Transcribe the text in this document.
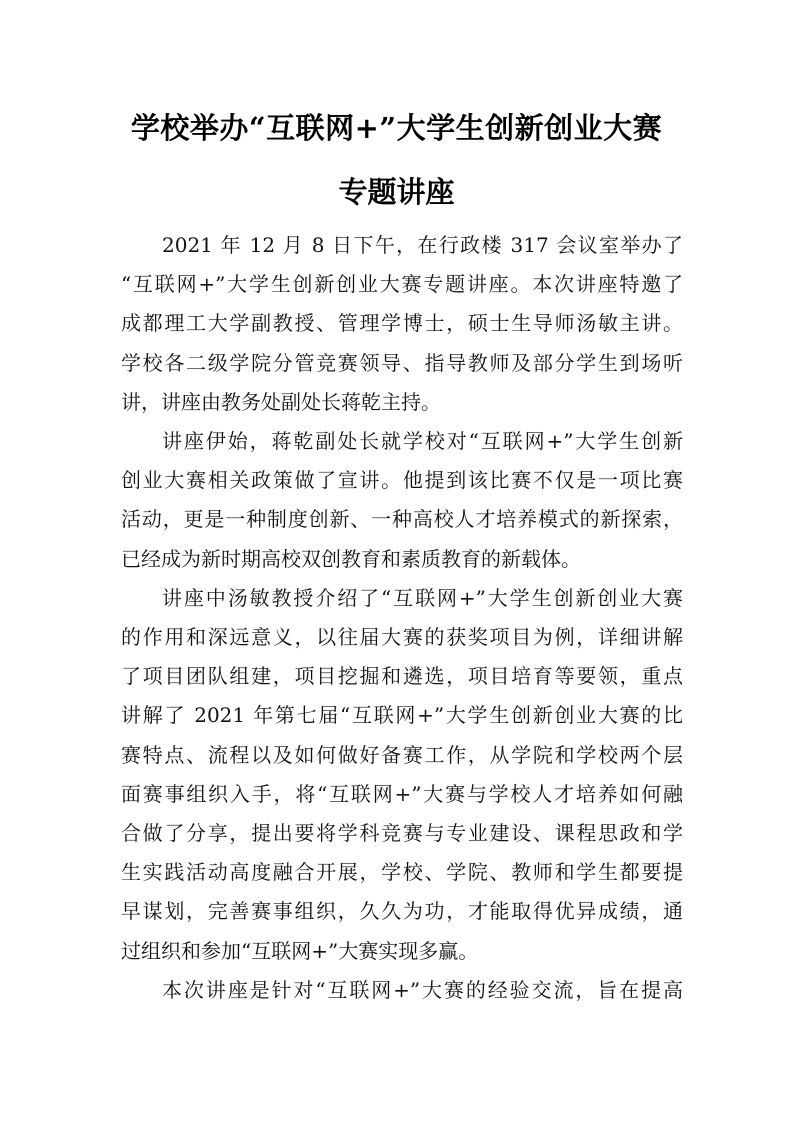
学校举办“互联网+”大学生创新创业大赛
专题讲座

2021 年 12 月 8 日下午，在行政楼 317 会议室举办了
“互联网+”大学生创新创业大赛专题讲座。本次讲座特邀了
成都理工大学副教授、管理学博士，硕士生导师汤敏主讲。
学校各二级学院分管竞赛领导、指导教师及部分学生到场听
讲，讲座由教务处副处长蒋乾主持。

讲座伊始，蒋乾副处长就学校对“互联网+”大学生创新
创业大赛相关政策做了宣讲。他提到该比赛不仅是一项比赛
活动，更是一种制度创新、一种高校人才培养模式的新探索，
已经成为新时期高校双创教育和素质教育的新载体。

讲座中汤敏教授介绍了“互联网+”大学生创新创业大赛
的作用和深远意义，以往届大赛的获奖项目为例，详细讲解
了项目团队组建，项目挖掘和遴选，项目培育等要领，重点
讲解了 2021 年第七届“互联网+”大学生创新创业大赛的比
赛特点、流程以及如何做好备赛工作，从学院和学校两个层
面赛事组织入手，将“互联网+”大赛与学校人才培养如何融
合做了分享，提出要将学科竞赛与专业建设、课程思政和学
生实践活动高度融合开展，学校、学院、教师和学生都要提
早谋划，完善赛事组织，久久为功，才能取得优异成绩，通
过组织和参加“互联网+”大赛实现多赢。

本次讲座是针对“互联网+”大赛的经验交流，旨在提高
